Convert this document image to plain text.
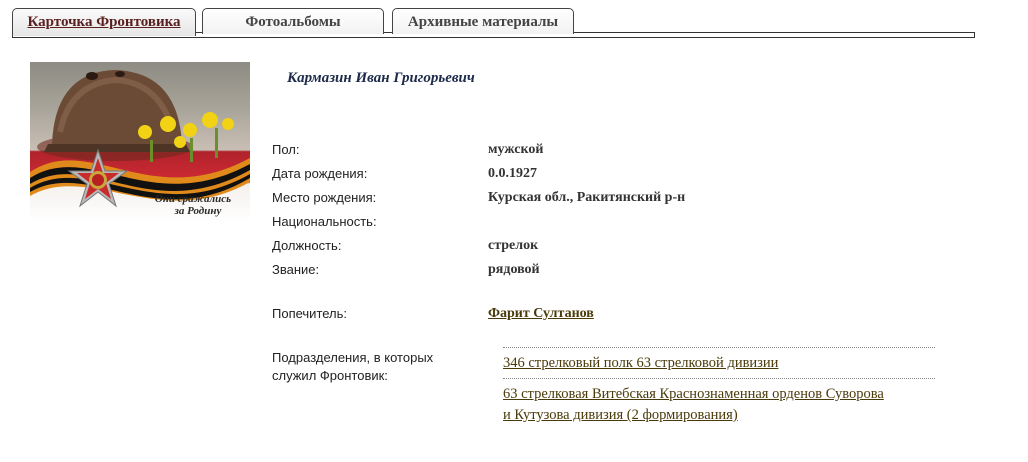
Карточка Фронтовика	Фотоальбомы	Архивные материалы
Они сражались
за Родину
Кармазин Иван Григорьевич
Пол:	мужской
Дата рождения:	0.0.1927
Место рождения:	Курская обл., Ракитянский р-н
Национальность:
Должность:	стрелок
Звание:	рядовой
Попечитель:	Фарит Султанов
Подразделения, в которых
служил Фронтовик:
346 стрелковый полк 63 стрелковой дивизии
63 стрелковая Витебская Краснознаменная орденов Суворова
и Кутузова дивизия (2 формирования)
